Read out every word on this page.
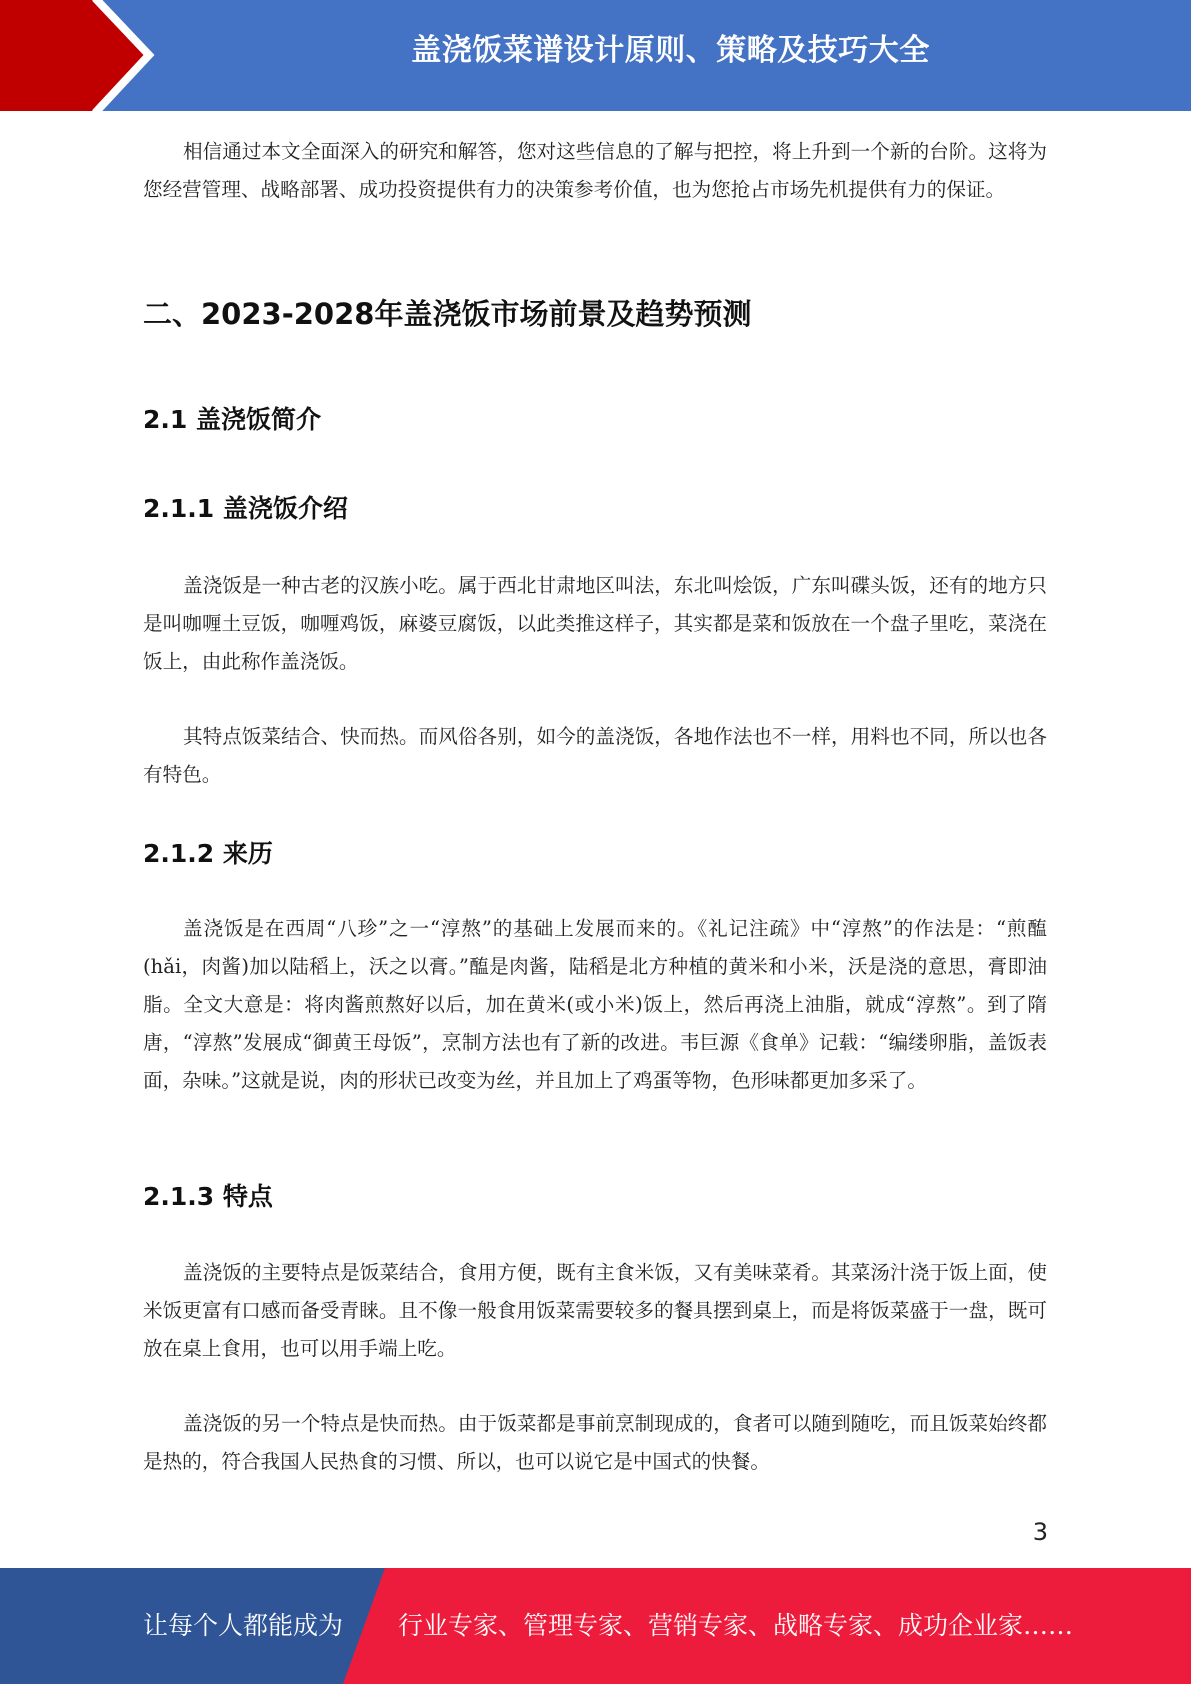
盖浇饭菜谱设计原则、策略及技巧大全

相信通过本文全面深入的研究和解答，您对这些信息的了解与把控，将上升到一个新的台阶。这将为您经营管理、战略部署、成功投资提供有力的决策参考价值，也为您抢占市场先机提供有力的保证。

二、2023-2028年盖浇饭市场前景及趋势预测
2.1 盖浇饭简介
2.1.1 盖浇饭介绍

盖浇饭是一种古老的汉族小吃。属于西北甘肃地区叫法，东北叫烩饭，广东叫碟头饭，还有的地方只是叫咖喱土豆饭，咖喱鸡饭，麻婆豆腐饭，以此类推这样子，其实都是菜和饭放在一个盘子里吃，菜浇在饭上，由此称作盖浇饭。

其特点饭菜结合、快而热。而风俗各别，如今的盖浇饭，各地作法也不一样，用料也不同，所以也各有特色。

2.1.2 来历

盖浇饭是在西周“八珍”之一“淳熬”的基础上发展而来的。《礼记注疏》中“淳熬”的作法是：“煎醢(hǎi，肉酱)加以陆稻上，沃之以膏。”醢是肉酱，陆稻是北方种植的黄米和小米，沃是浇的意思，膏即油脂。全文大意是：将肉酱煎熬好以后，加在黄米(或小米)饭上，然后再浇上油脂，就成“淳熬”。到了隋唐，“淳熬”发展成“御黄王母饭”，烹制方法也有了新的改进。韦巨源《食单》记载：“编缕卵脂，盖饭表面，杂味。”这就是说，肉的形状已改变为丝，并且加上了鸡蛋等物，色形味都更加多采了。

2.1.3 特点

盖浇饭的主要特点是饭菜结合，食用方便，既有主食米饭，又有美味菜肴。其菜汤汁浇于饭上面，使米饭更富有口感而备受青睐。且不像一般食用饭菜需要较多的餐具摆到桌上，而是将饭菜盛于一盘，既可放在桌上食用，也可以用手端上吃。

盖浇饭的另一个特点是快而热。由于饭菜都是事前烹制现成的，食者可以随到随吃，而且饭菜始终都是热的，符合我国人民热食的习惯、所以，也可以说它是中国式的快餐。

3
让每个人都能成为 行业专家、管理专家、营销专家、战略专家、成功企业家……
